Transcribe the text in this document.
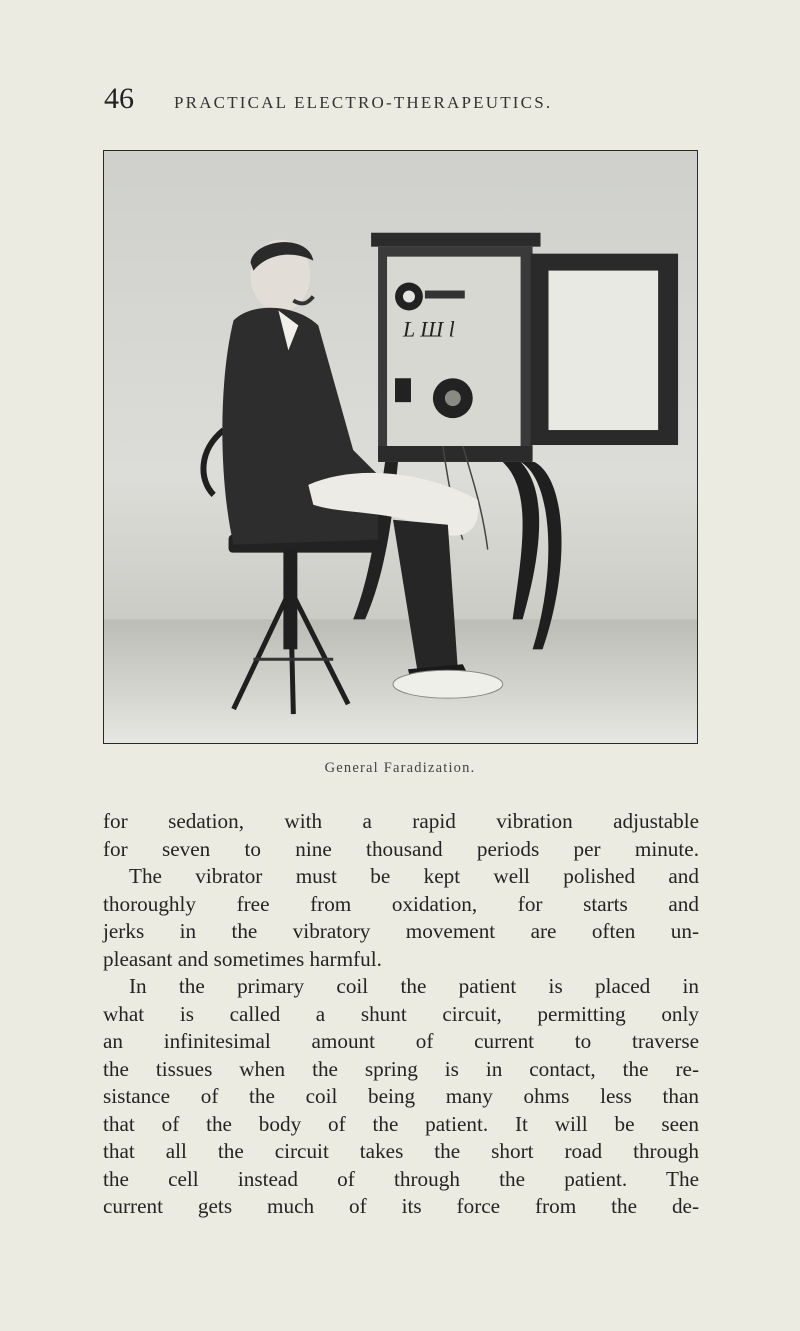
46 PRACTICAL ELECTRO-THERAPEUTICS.
L Ш l
General Faradization.

for sedation, with a rapid vibration adjustable

for seven to nine thousand periods per minute.

The vibrator must be kept well polished and

thoroughly free from oxidation, for starts and

jerks in the vibratory movement are often un-

pleasant and sometimes harmful.

In the primary coil the patient is placed in

what is called a shunt circuit, permitting only

an infinitesimal amount of current to traverse

the tissues when the spring is in contact, the re-

sistance of the coil being many ohms less than

that of the body of the patient. It will be seen

that all the circuit takes the short road through

the cell instead of through the patient. The

current gets much of its force from the de-
